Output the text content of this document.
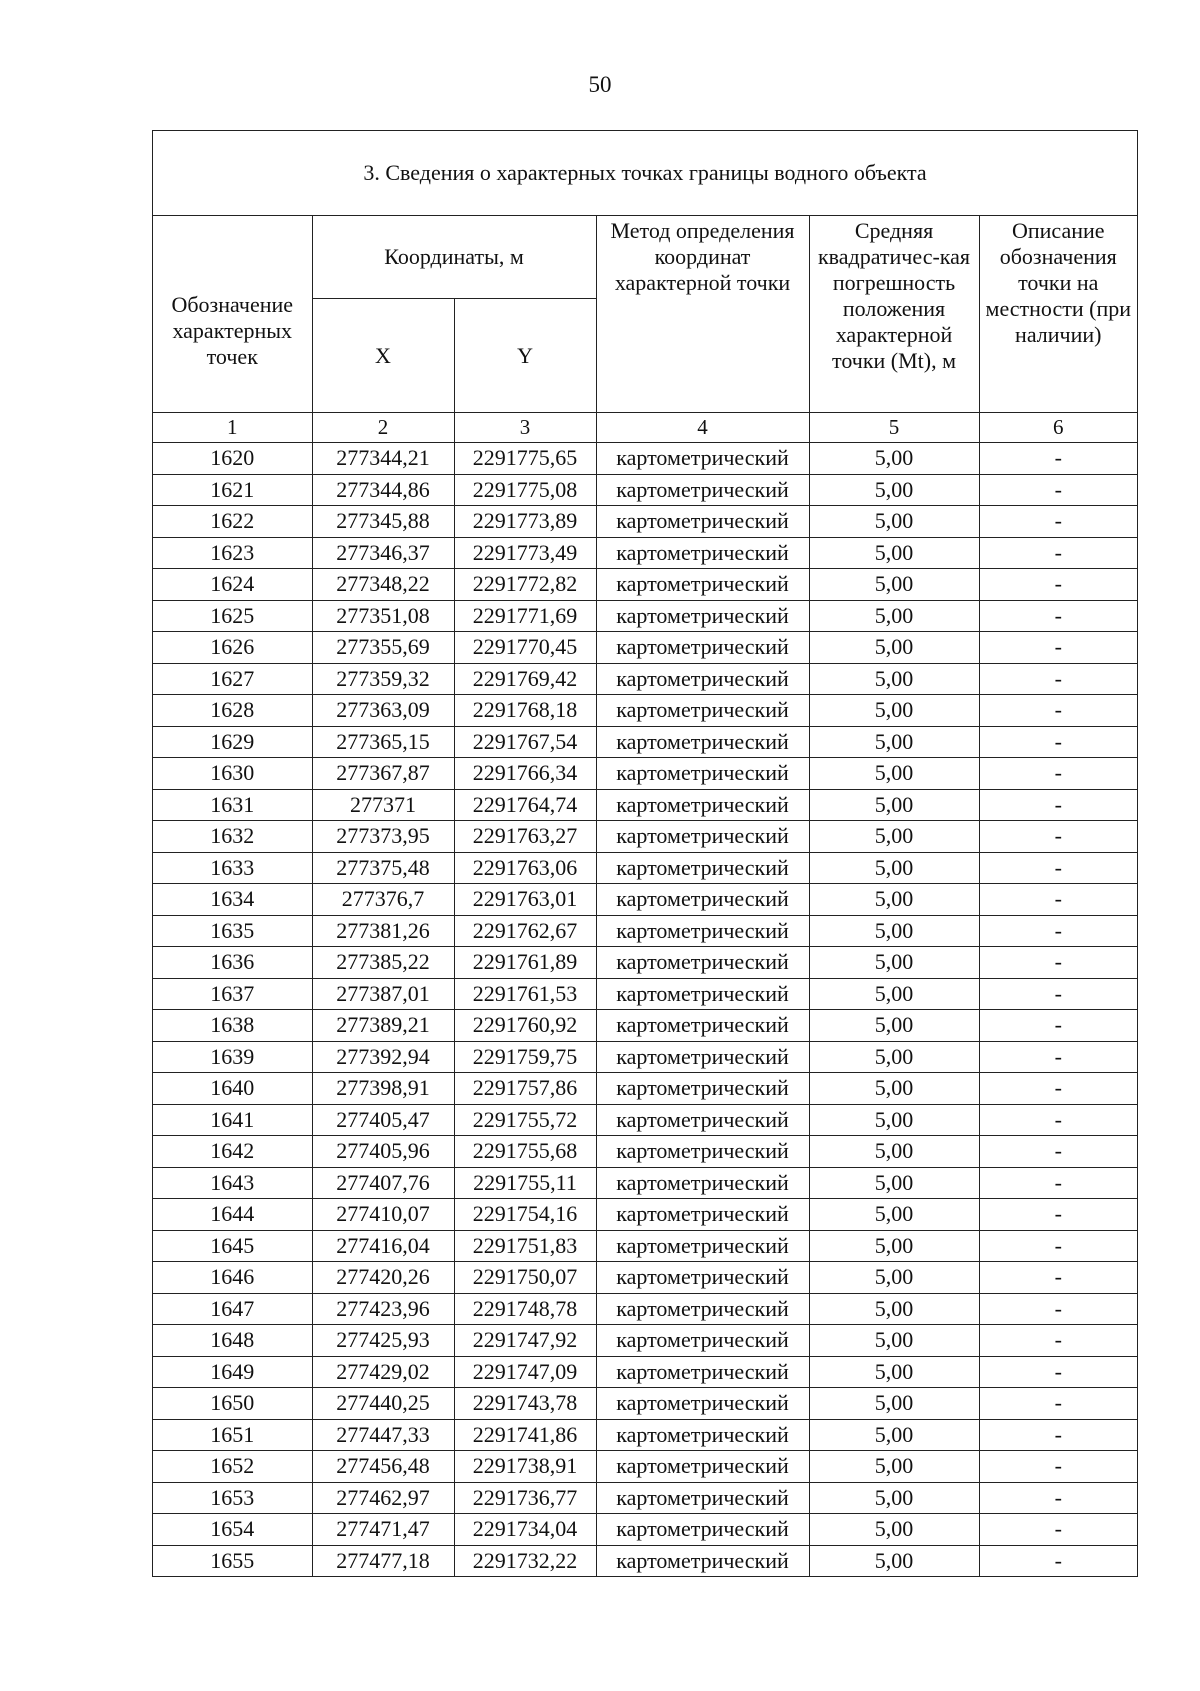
50
3. Сведения о характерных точках границы водного объекта
Обозначение характерных точек	Координаты, м		Метод определения координат характерной точки	Средняя квадратичес-кая погрешность положения характерной точки (Mt), м	Описание обозначения точки на местности (при наличии)
	X	Y			
1	2	3	4	5	6
1620	277344,21	2291775,65	картометрический	5,00	-
1621	277344,86	2291775,08	картометрический	5,00	-
1622	277345,88	2291773,89	картометрический	5,00	-
1623	277346,37	2291773,49	картометрический	5,00	-
1624	277348,22	2291772,82	картометрический	5,00	-
1625	277351,08	2291771,69	картометрический	5,00	-
1626	277355,69	2291770,45	картометрический	5,00	-
1627	277359,32	2291769,42	картометрический	5,00	-
1628	277363,09	2291768,18	картометрический	5,00	-
1629	277365,15	2291767,54	картометрический	5,00	-
1630	277367,87	2291766,34	картометрический	5,00	-
1631	277371	2291764,74	картометрический	5,00	-
1632	277373,95	2291763,27	картометрический	5,00	-
1633	277375,48	2291763,06	картометрический	5,00	-
1634	277376,7	2291763,01	картометрический	5,00	-
1635	277381,26	2291762,67	картометрический	5,00	-
1636	277385,22	2291761,89	картометрический	5,00	-
1637	277387,01	2291761,53	картометрический	5,00	-
1638	277389,21	2291760,92	картометрический	5,00	-
1639	277392,94	2291759,75	картометрический	5,00	-
1640	277398,91	2291757,86	картометрический	5,00	-
1641	277405,47	2291755,72	картометрический	5,00	-
1642	277405,96	2291755,68	картометрический	5,00	-
1643	277407,76	2291755,11	картометрический	5,00	-
1644	277410,07	2291754,16	картометрический	5,00	-
1645	277416,04	2291751,83	картометрический	5,00	-
1646	277420,26	2291750,07	картометрический	5,00	-
1647	277423,96	2291748,78	картометрический	5,00	-
1648	277425,93	2291747,92	картометрический	5,00	-
1649	277429,02	2291747,09	картометрический	5,00	-
1650	277440,25	2291743,78	картометрический	5,00	-
1651	277447,33	2291741,86	картометрический	5,00	-
1652	277456,48	2291738,91	картометрический	5,00	-
1653	277462,97	2291736,77	картометрический	5,00	-
1654	277471,47	2291734,04	картометрический	5,00	-
1655	277477,18	2291732,22	картометрический	5,00	-
